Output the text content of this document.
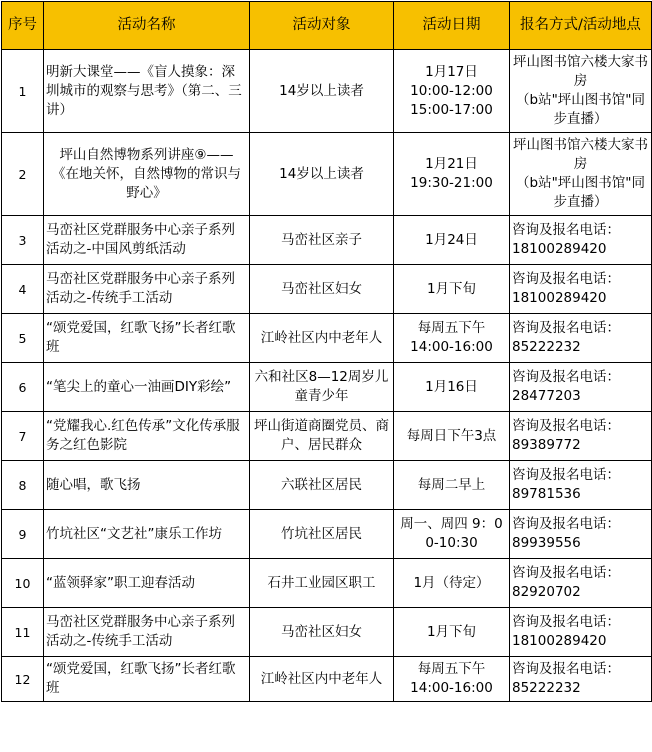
序号	活动名称	活动对象	活动日期	报名方式/活动地点
1	明新大课堂——《盲人摸象：深圳城市的观察与思考》（第二、三讲）	14岁以上读者	1月17日
10:00-12:00
15:00-17:00	坪山图书馆六楼大家书房
（b站"坪山图书馆"同步直播）

2	坪山自然博物系列讲座⑨——《在地关怀，自然博物的常识与野心》	14岁以上读者	1月21日
19:30-21:00	坪山图书馆六楼大家书房
（b站"坪山图书馆"同步直播）

3	马峦社区党群服务中心亲子系列活动之-中国风剪纸活动	马峦社区亲子	1月24日	咨询及报名电话：
18100289420

4	马峦社区党群服务中心亲子系列活动之-传统手工活动	马峦社区妇女	1月下旬	咨询及报名电话：
18100289420

5	“颂党爱国，红歌飞扬”长者红歌班	江岭社区内中老年人	每周五下午
14:00-16:00	咨询及报名电话：
85222232

6	“笔尖上的童心一油画DIY彩绘”	六和社区8—12周岁儿童青少年	1月16日	咨询及报名电话：
28477203

7	“党耀我心.红色传承”文化传承服务之红色影院	坪山街道商圈党员、商户、居民群众	每周日下午3点	咨询及报名电话：
89389772

8	随心唱，歌飞扬	六联社区居民	每周二早上	咨询及报名电话：
89781536

9	竹坑社区“文艺社”康乐工作坊	竹坑社区居民	周一、周四 9：00-10:30	咨询及报名电话：
89939556

10	“蓝领驿家”职工迎春活动	石井工业园区职工	1月（待定）	咨询及报名电话：
82920702

11	马峦社区党群服务中心亲子系列活动之-传统手工活动	马峦社区妇女	1月下旬	咨询及报名电话：
18100289420

12	“颂党爱国，红歌飞扬”长者红歌班	江岭社区内中老年人	每周五下午
14:00-16:00	咨询及报名电话：
85222232
